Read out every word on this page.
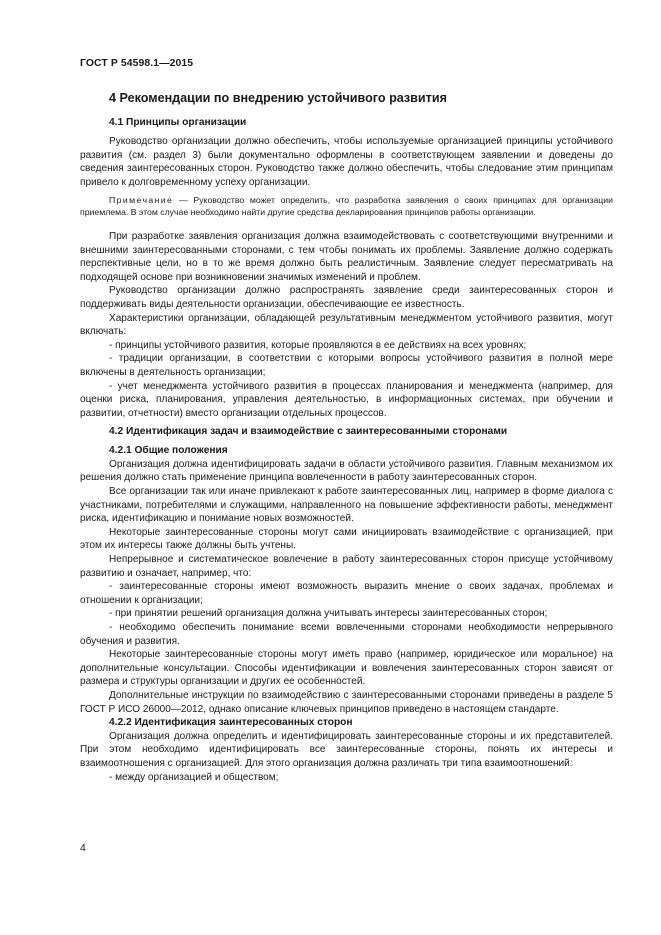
ГОСТ Р 54598.1—2015
4 Рекомендации по внедрению устойчивого развития
4.1 Принципы организации

Руководство организации должно обеспечить, чтобы используемые организацией принципы устойчивого развития (см. раздел 3) были документально оформлены в соответствующем заявлении и доведены до сведения заинтересованных сторон. Руководство также должно обеспечить, чтобы следование этим принципам привело к долговременному успеху организации.

Примечание — Руководство может определить, что разработка заявления о своих принципах для организации приемлема. В этом случае необходимо найти другие средства декларирования принципов работы организации.

При разработке заявления организация должна взаимодействовать с соответствующими внутренними и внешними заинтересованными сторонами, с тем чтобы понимать их проблемы. Заявление должно содержать перспективные цели, но в то же время должно быть реалистичным. Заявление следует пересматривать на подходящей основе при возникновении значимых изменений и проблем.

Руководство организации должно распространять заявление среди заинтересованных сторон и поддерживать виды деятельности организации, обеспечивающие ее известность.

Характеристики организации, обладающей результативным менеджментом устойчивого развития, могут включать:

- принципы устойчивого развития, которые проявляются в ее действиях на всех уровнях;

- традиции организации, в соответствии с которыми вопросы устойчивого развития в полной мере включены в деятельность организации;

- учет менеджмента устойчивого развития в процессах планирования и менеджмента (например, для оценки риска, планирования, управления деятельностью, в информационных системах, при обучении и развитии, отчетности) вместо организации отдельных процессов.

4.2 Идентификация задач и взаимодействие с заинтересованными сторонами
4.2.1 Общие положения

Организация должна идентифицировать задачи в области устойчивого развития. Главным механизмом их решения должно стать применение принципа вовлеченности в работу заинтересованных сторон.

Все организации так или иначе привлекают к работе заинтересованных лиц, например в форме диалога с участниками, потребителями и служащими, направленного на повышение эффективности работы, менеджмент риска, идентификацию и понимание новых возможностей.

Некоторые заинтересованные стороны могут сами инициировать взаимодействие с организацией, при этом их интересы также должны быть учтены.

Непрерывное и систематическое вовлечение в работу заинтересованных сторон присуще устойчивому развитию и означает, например, что:

- заинтересованные стороны имеют возможность выразить мнение о своих задачах, проблемах и отношении к организации;

- при принятии решений организация должна учитывать интересы заинтересованных сторон;

- необходимо обеспечить понимание всеми вовлеченными сторонами необходимости непрерывного обучения и развития.

Некоторые заинтересованные стороны могут иметь право (например, юридическое или моральное) на дополнительные консультации. Способы идентификации и вовлечения заинтересованных сторон зависят от размера и структуры организации и других ее особенностей.

Дополнительные инструкции по взаимодействию с заинтересованными сторонами приведены в разделе 5 ГОСТ Р ИСО 26000—2012, однако описание ключевых принципов приведено в настоящем стандарте.

4.2.2 Идентификация заинтересованных сторон

Организация должна определить и идентифицировать заинтересованные стороны и их представителей. При этом необходимо идентифицировать все заинтересованные стороны, понять их интересы и взаимоотношения с организацией. Для этого организация должна различать три типа взаимоотношений:

- между организацией и обществом;

4
